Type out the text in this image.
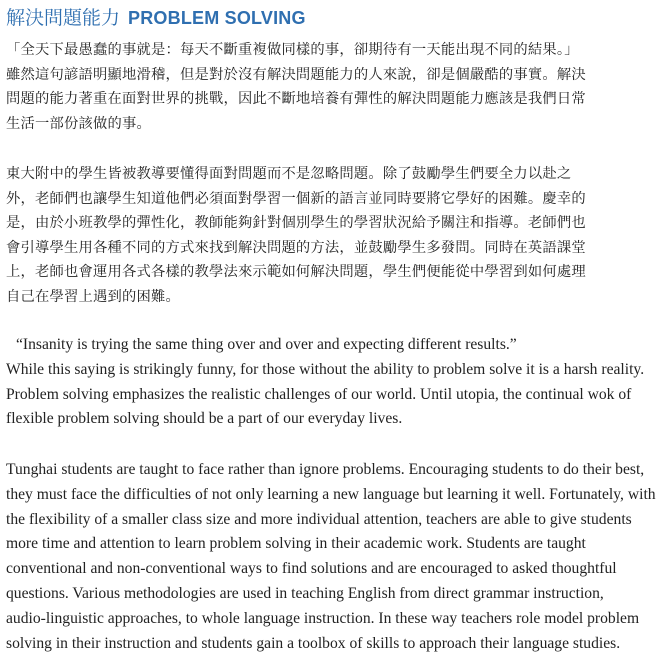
解決問題能力 PROBLEM SOLVING

「全天下最愚蠢的事就是：每天不斷重複做同樣的事，卻期待有一天能出現不同的結果。」
雖然這句諺語明顯地滑稽，但是對於沒有解決問題能力的人來說，卻是個嚴酷的事實。解決
問題的能力著重在面對世界的挑戰，因此不斷地培養有彈性的解決問題能力應該是我們日常
生活一部份該做的事。

東大附中的學生皆被教導要懂得面對問題而不是忽略問題。除了鼓勵學生們要全力以赴之
外，老師們也讓學生知道他們必須面對學習一個新的語言並同時要將它學好的困難。慶幸的
是，由於小班教學的彈性化，教師能夠針對個別學生的學習狀況給予關注和指導。老師們也
會引導學生用各種不同的方式來找到解決問題的方法，並鼓勵學生多發問。同時在英語課堂
上，老師也會運用各式各樣的教學法來示範如何解決問題，學生們便能從中學習到如何處理
自己在學習上遇到的困難。

“Insanity is trying the same thing over and over and expecting different results.”
While this saying is strikingly funny, for those without the ability to problem solve it is a harsh reality.
Problem solving emphasizes the realistic challenges of our world. Until utopia, the continual wok of
flexible problem solving should be a part of our everyday lives.

Tunghai students are taught to face rather than ignore problems. Encouraging students to do their best,
they must face the difficulties of not only learning a new language but learning it well. Fortunately, with
the flexibility of a smaller class size and more individual attention, teachers are able to give students
more time and attention to learn problem solving in their academic work. Students are taught
conventional and non-conventional ways to find solutions and are encouraged to asked thoughtful
questions. Various methodologies are used in teaching English from direct grammar instruction,
audio-linguistic approaches, to whole language instruction. In these way teachers role model problem
solving in their instruction and students gain a toolbox of skills to approach their language studies.
